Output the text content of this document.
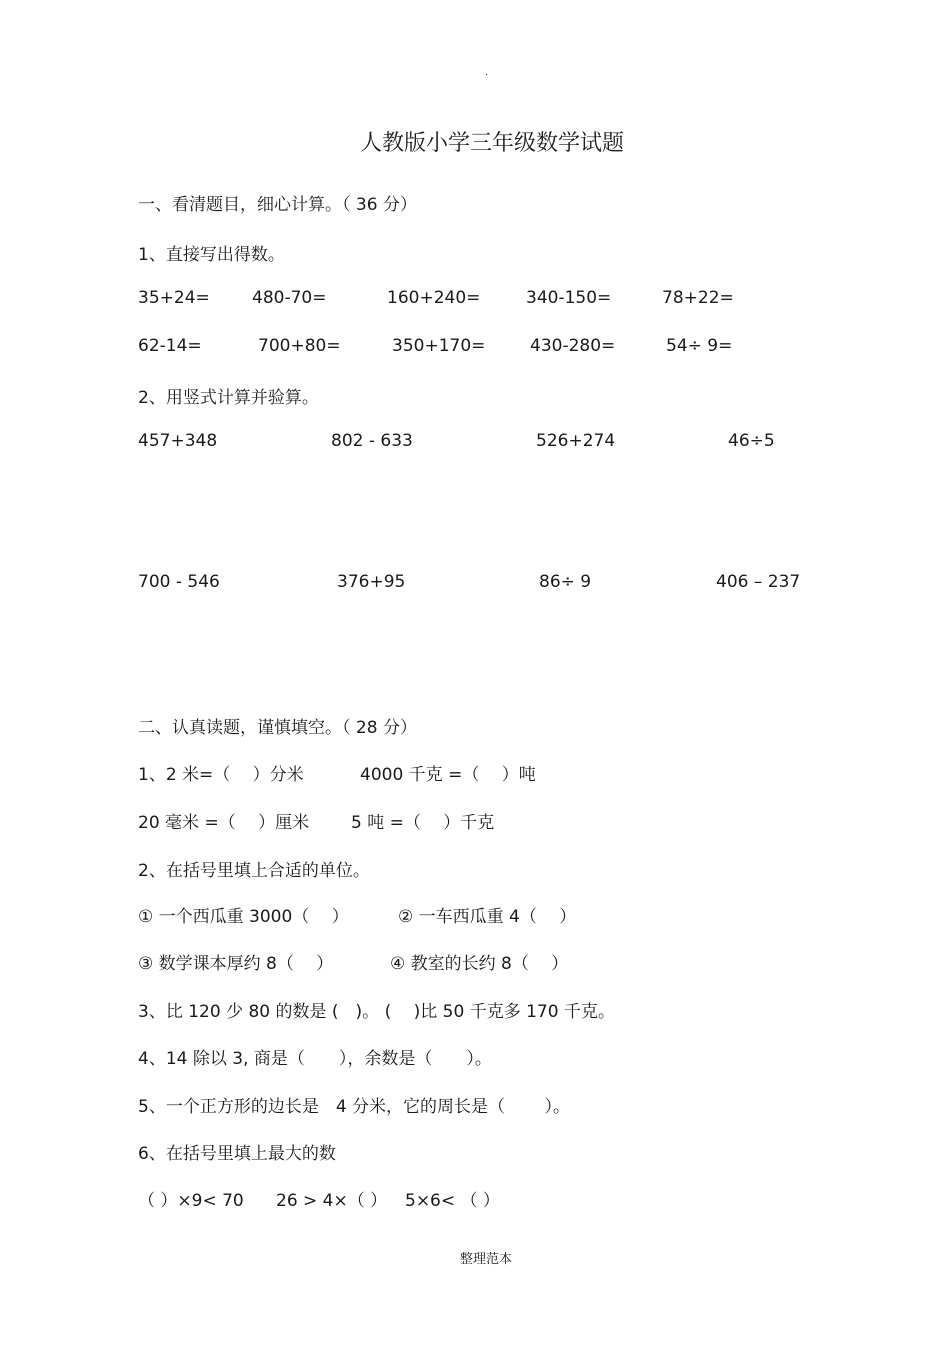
·
人教版小学三年级数学试题
一、看清题目，细心计算。（ 36 分）
1、直接写出得数。
35+24= 480-70=	160+240=	340-150=	78+22=
62-14=	700+80=	350+170=	430-280=	54÷ 9=
2、用竖式计算并验算。
457+348	802 - 633	526+274	46÷5
700 - 546	376+95	86÷ 9	406 – 237
二、认真读题，谨慎填空。（ 28 分）
1、2 米=（　 ）分米	4000 千克 =（　 ）吨
20 毫米 =（　 ）厘米 5 吨 =（　 ）千克
2、在括号里填上合适的单位。
① 一个西瓜重 3000（　 ）	② 一车西瓜重 4（　 ）
③ 数学课本厚约 8（　 ）	④ 教室的长约 8（　 ）
3、比 120 少 80 的数是 (　)。 (　 )比 50 千克多 170 千克。
4、14 除以 3, 商是（　　），余数是（　　）。
5、一个正方形的边长是　4 分米，它的周长是（　　 ）。
6、在括号里填上最大的数
（ ）×9< 70 26 > 4×（ ） 5×6< （ ）
整理范本
